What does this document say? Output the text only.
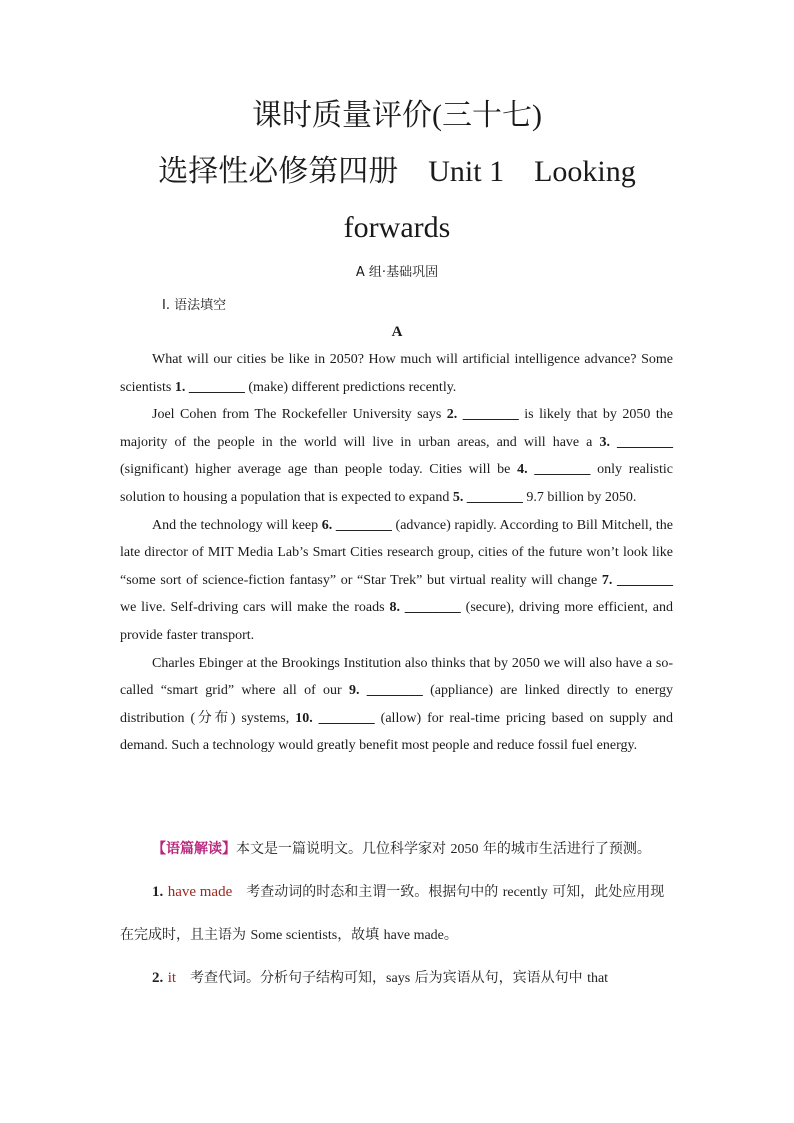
课时质量评价(三十七)
选择性必修第四册 Unit 1 Looking
forwards
A 组·基础巩固
Ⅰ. 语法填空
A

What will our cities be like in 2050? How much will artificial intelligence advance? Some scientists 1. ________ (make) different predictions recently.

Joel Cohen from The Rockefeller University says 2. ________ is likely that by 2050 the majority of the people in the world will live in urban areas, and will have a 3. ________ (significant) higher average age than people today. Cities will be 4. ________ only realistic solution to housing a population that is expected to expand 5. ________ 9.7 billion by 2050.

And the technology will keep 6. ________ (advance) rapidly. According to Bill Mitchell, the late director of MIT Media Lab’s Smart Cities research group, cities of the future won’t look like “some sort of science-fiction fantasy” or “Star Trek” but virtual reality will change 7. ________ we live. Self-driving cars will make the roads 8. ________ (secure), driving more efficient, and provide faster transport.

Charles Ebinger at the Brookings Institution also thinks that by 2050 we will also have a so-called “smart grid” where all of our 9. ________ (appliance) are linked directly to energy distribution (分布) systems, 10. ________ (allow) for real-time pricing based on supply and demand. Such a technology would greatly benefit most people and reduce fossil fuel energy.

【语篇解读】本文是一篇说明文。几位科学家对 2050 年的城市生活进行了预测。

1. have made　考查动词的时态和主谓一致。根据句中的 recently 可知，此处应用现在完成时，且主语为 Some scientists，故填 have made。

2. it　考查代词。分析句子结构可知，says 后为宾语从句，宾语从句中 that
